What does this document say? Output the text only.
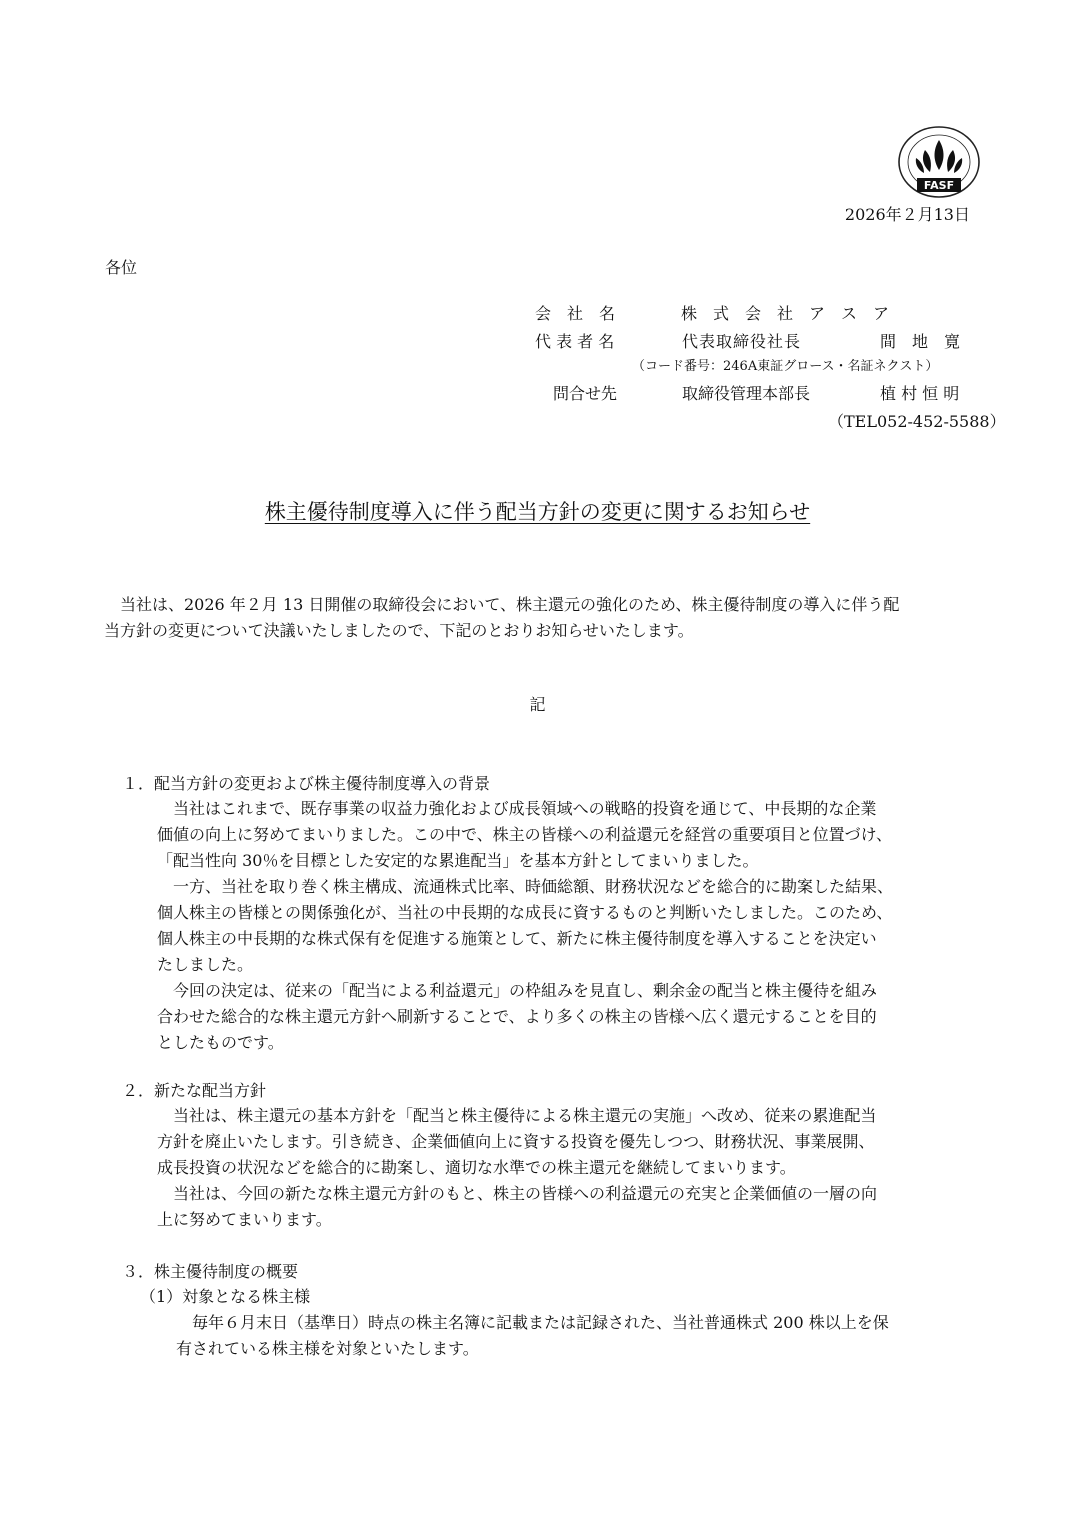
FASF
2026年２月13日
各位
会　社　名	株　式　会　社　ア　ス　ア
代 表 者 名	代表取締役社長	間　地　寛
（コード番号：246A東証グロース・名証ネクスト）
問合せ先	取締役管理本部長	植 村 恒 明
（TEL052-452-5588）
株主優待制度導入に伴う配当方針の変更に関するお知らせ
　当社は、2026 年２月 13 日開催の取締役会において、株主還元の強化のため、株主優待制度の導入に伴う配
当方針の変更について決議いたしましたので、下記のとおりお知らせいたします。
記
１．配当方針の変更および株主優待制度導入の背景
　当社はこれまで、既存事業の収益力強化および成長領域への戦略的投資を通じて、中長期的な企業
価値の向上に努めてまいりました。この中で、株主の皆様への利益還元を経営の重要項目と位置づけ、
「配当性向 30％を目標とした安定的な累進配当」を基本方針としてまいりました。
　一方、当社を取り巻く株主構成、流通株式比率、時価総額、財務状況などを総合的に勘案した結果、
個人株主の皆様との関係強化が、当社の中長期的な成長に資するものと判断いたしました。このため、
個人株主の中長期的な株式保有を促進する施策として、新たに株主優待制度を導入することを決定い
たしました。
　今回の決定は、従来の「配当による利益還元」の枠組みを見直し、剰余金の配当と株主優待を組み
合わせた総合的な株主還元方針へ刷新することで、より多くの株主の皆様へ広く還元することを目的
としたものです。
２．新たな配当方針
　当社は、株主還元の基本方針を「配当と株主優待による株主還元の実施」へ改め、従来の累進配当
方針を廃止いたします。引き続き、企業価値向上に資する投資を優先しつつ、財務状況、事業展開、
成長投資の状況などを総合的に勘案し、適切な水準での株主還元を継続してまいります。
　当社は、今回の新たな株主還元方針のもと、株主の皆様への利益還元の充実と企業価値の一層の向
上に努めてまいります。
３．株主優待制度の概要
（1）対象となる株主様
　毎年６月末日（基準日）時点の株主名簿に記載または記録された、当社普通株式 200 株以上を保
有されている株主様を対象といたします。
